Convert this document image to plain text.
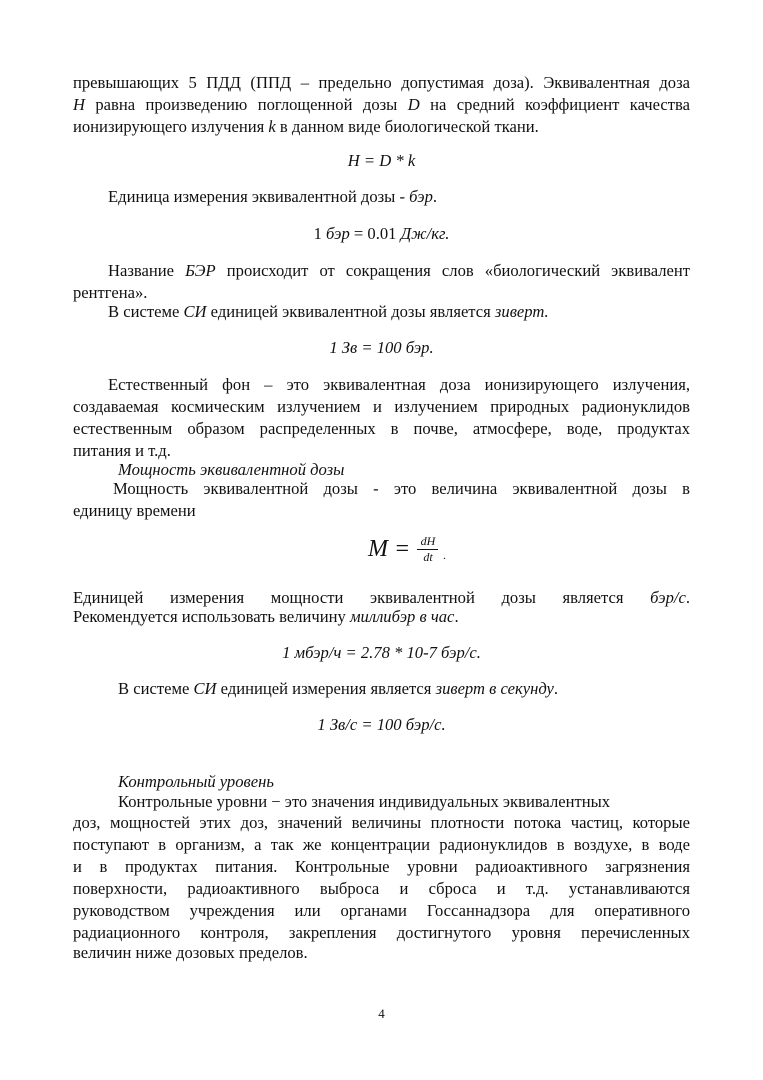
превышающих 5 ПДД (ППД – предельно допустимая доза). Эквивалентная доза
H равна произведению поглощенной дозы D на средний коэффициент качества
ионизирующего излучения k в данном виде биологической ткани.
H = D * k
Единица измерения эквивалентной дозы - бэр.
1 бэр = 0.01 Дж/кг.
Название БЭР происходит от сокращения слов «биологический эквивалент
рентгена».
В системе СИ единицей эквивалентной дозы является зиверт.
1 Зв = 100 бэр.
Естественный фон – это эквивалентная доза ионизирующего излучения,
создаваемая космическим излучением и излучением природных радионуклидов
естественным образом распределенных в почве, атмосфере, воде, продуктах
питания и т.д.
Мощность эквивалентной дозы
Мощность эквивалентной дозы - это величина эквивалентной дозы в
единицу времени
M = dH
dt .
Единицей измерения мощности эквивалентной дозы является бэр/с.
Рекомендуется использовать величину миллибэр в час.
1 мбэр/ч = 2.78 * 10-7 бэр/с.
В системе СИ единицей измерения является зиверт в секунду.
1 Зв/с = 100 бэр/с.
Контрольный уровень
Контрольные уровни − это значения индивидуальных эквивалентных
доз, мощностей этих доз, значений величины плотности потока частиц, которые
поступают в организм, а так же концентрации радионуклидов в воздухе, в воде
и в продуктах питания. Контрольные уровни радиоактивного загрязнения
поверхности, радиоактивного выброса и сброса и т.д. устанавливаются
руководством учреждения или органами Госсаннадзора для оперативного
радиационного контроля, закрепления достигнутого уровня перечисленных
величин ниже дозовых пределов.
4
